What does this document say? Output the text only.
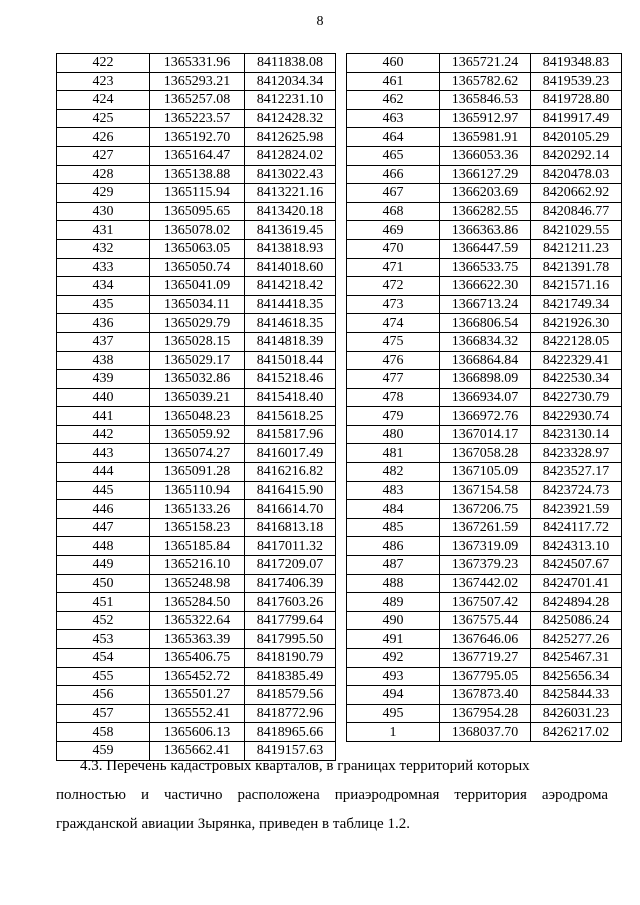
8
422	1365331.96	8411838.08
423	1365293.21	8412034.34
424	1365257.08	8412231.10
425	1365223.57	8412428.32
426	1365192.70	8412625.98
427	1365164.47	8412824.02
428	1365138.88	8413022.43
429	1365115.94	8413221.16
430	1365095.65	8413420.18
431	1365078.02	8413619.45
432	1365063.05	8413818.93
433	1365050.74	8414018.60
434	1365041.09	8414218.42
435	1365034.11	8414418.35
436	1365029.79	8414618.35
437	1365028.15	8414818.39
438	1365029.17	8415018.44
439	1365032.86	8415218.46
440	1365039.21	8415418.40
441	1365048.23	8415618.25
442	1365059.92	8415817.96
443	1365074.27	8416017.49
444	1365091.28	8416216.82
445	1365110.94	8416415.90
446	1365133.26	8416614.70
447	1365158.23	8416813.18
448	1365185.84	8417011.32
449	1365216.10	8417209.07
450	1365248.98	8417406.39
451	1365284.50	8417603.26
452	1365322.64	8417799.64
453	1365363.39	8417995.50
454	1365406.75	8418190.79
455	1365452.72	8418385.49
456	1365501.27	8418579.56
457	1365552.41	8418772.96
458	1365606.13	8418965.66
459	1365662.41	8419157.63
460	1365721.24	8419348.83
461	1365782.62	8419539.23
462	1365846.53	8419728.80
463	1365912.97	8419917.49
464	1365981.91	8420105.29
465	1366053.36	8420292.14
466	1366127.29	8420478.03
467	1366203.69	8420662.92
468	1366282.55	8420846.77
469	1366363.86	8421029.55
470	1366447.59	8421211.23
471	1366533.75	8421391.78
472	1366622.30	8421571.16
473	1366713.24	8421749.34
474	1366806.54	8421926.30
475	1366834.32	8422128.05
476	1366864.84	8422329.41
477	1366898.09	8422530.34
478	1366934.07	8422730.79
479	1366972.76	8422930.74
480	1367014.17	8423130.14
481	1367058.28	8423328.97
482	1367105.09	8423527.17
483	1367154.58	8423724.73
484	1367206.75	8423921.59
485	1367261.59	8424117.72
486	1367319.09	8424313.10
487	1367379.23	8424507.67
488	1367442.02	8424701.41
489	1367507.42	8424894.28
490	1367575.44	8425086.24
491	1367646.06	8425277.26
492	1367719.27	8425467.31
493	1367795.05	8425656.34
494	1367873.40	8425844.33
495	1367954.28	8426031.23
1	1368037.70	8426217.02
4.3. Перечень кадастровых кварталов, в границах территорий которых
полностью и частично расположена приаэродромная территория аэродрома гражданской авиации Зырянка, приведен в таблице 1.2.
